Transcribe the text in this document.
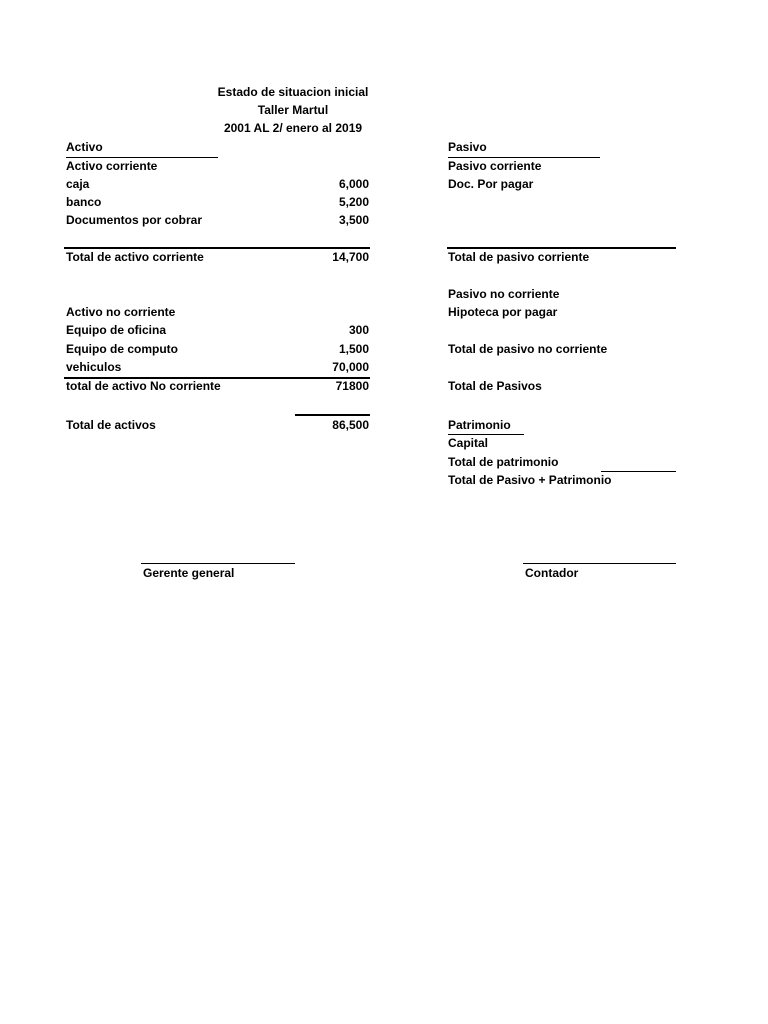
Estado de situacion inicial
Taller Martul
2001 AL 2/ enero al 2019
Activo
Activo corriente
caja	6,000
banco	5,200
Documentos por cobrar	3,500
Total de activo corriente	14,700
Activo no corriente
Equipo de oficina	300
Equipo de computo	1,500
vehiculos	70,000
total de activo No corriente	71800
Total de activos	86,500
Pasivo
Pasivo corriente
Doc. Por pagar
Total de pasivo corriente
Pasivo no corriente
Hipoteca por pagar
Total de pasivo no corriente
Total de Pasivos
Patrimonio
Capital
Total de patrimonio
Total de Pasivo + Patrimonio
Gerente general	Contador
